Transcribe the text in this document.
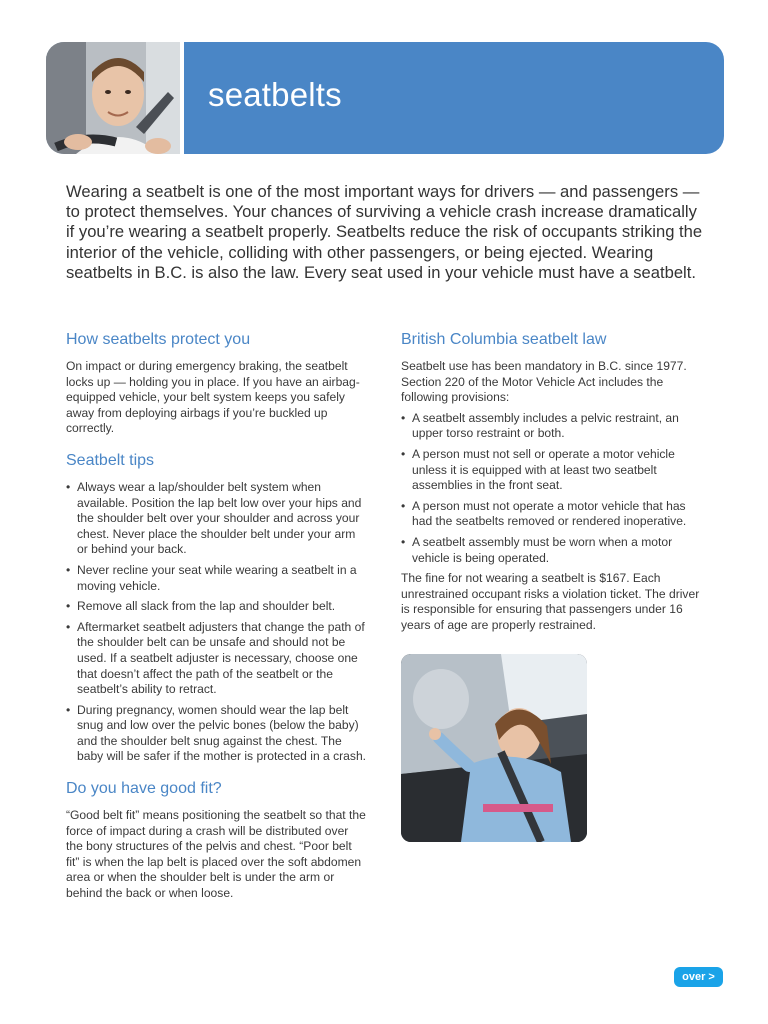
seatbelts
Wearing a seatbelt is one of the most important ways for drivers — and passengers — to protect themselves. Your chances of surviving a vehicle crash increase dramatically if you’re wearing a seatbelt properly. Seatbelts reduce the risk of occupants striking the interior of the vehicle, colliding with other passengers, or being ejected. Wearing seatbelts in B.C. is also the law. Every seat used in your vehicle must have a seatbelt.
How seatbelts protect you

On impact or during emergency braking, the seatbelt locks up — holding you in place. If you have an airbag-equipped vehicle, your belt system keeps you safely away from deploying airbags if you’re buckled up correctly.

Seatbelt tips
• Always wear a lap/shoulder belt system when available. Position the lap belt low over your hips and the shoulder belt over your shoulder and across your chest. Never place the shoulder belt under your arm or behind your back.
• Never recline your seat while wearing a seatbelt in a moving vehicle.
• Remove all slack from the lap and shoulder belt.
• Aftermarket seatbelt adjusters that change the path of the shoulder belt can be unsafe and should not be used. If a seatbelt adjuster is necessary, choose one that doesn’t affect the path of the seatbelt or the seatbelt’s ability to retract.
• During pregnancy, women should wear the lap belt snug and low over the pelvic bones (below the baby) and the shoulder belt snug against the chest. The baby will be safer if the mother is protected in a crash.
Do you have good fit?

“Good belt fit” means positioning the seatbelt so that the force of impact during a crash will be distributed over the bony structures of the pelvis and chest. “Poor belt fit” is when the lap belt is placed over the soft abdomen area or when the shoulder belt is under the arm or behind the back or when loose.

British Columbia seatbelt law

Seatbelt use has been mandatory in B.C. since 1977. Section 220 of the Motor Vehicle Act includes the following provisions:

• A seatbelt assembly includes a pelvic restraint, an upper torso restraint or both.
• A person must not sell or operate a motor vehicle unless it is equipped with at least two seatbelt assemblies in the front seat.
• A person must not operate a motor vehicle that has had the seatbelts removed or rendered inoperative.
• A seatbelt assembly must be worn when a motor vehicle is being operated.

The fine for not wearing a seatbelt is $167. Each unrestrained occupant risks a violation ticket. The driver is responsible for ensuring that passengers under 16 years of age are properly restrained.

over >
